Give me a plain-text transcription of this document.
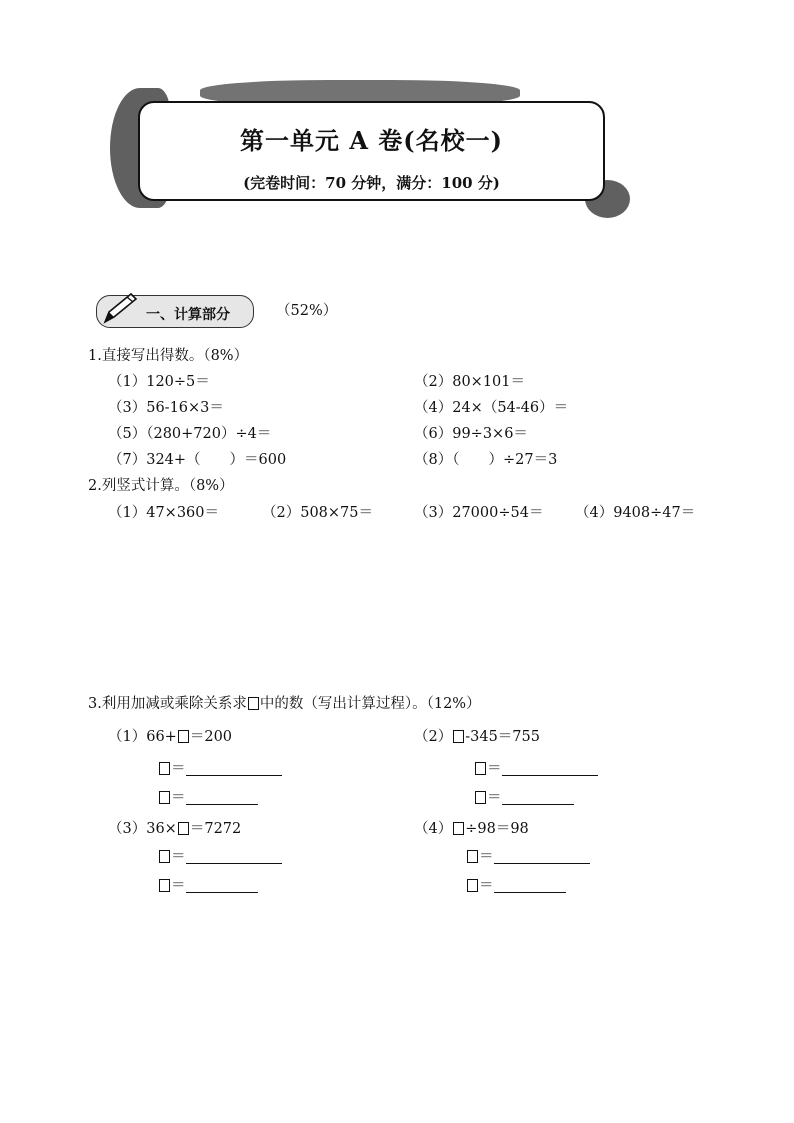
第一单元 A 卷(名校一)
(完卷时间：70 分钟，满分：100 分)
一、计算部分	（52%）
1.直接写出得数。（8%）
（1）120÷5＝	（2）80×101＝
（3）56-16×3＝	（4）24×（54-46）＝
（5）（280+720）÷4＝	（6）99÷3×6＝
（7）324+（　　）＝600	（8）（　　）÷27＝3
2.列竖式计算。（8%）
（1）47×360＝	（2）508×75＝	（3）27000÷54＝ （4）9408÷47＝
3.利用加减或乘除关系求 中的数（写出计算过程）。（12%）
（1）66+ ＝200
＝
＝
（2） -345＝755
＝
＝
（3）36× ＝7272
＝
＝
（4） ÷98＝98
＝
＝
